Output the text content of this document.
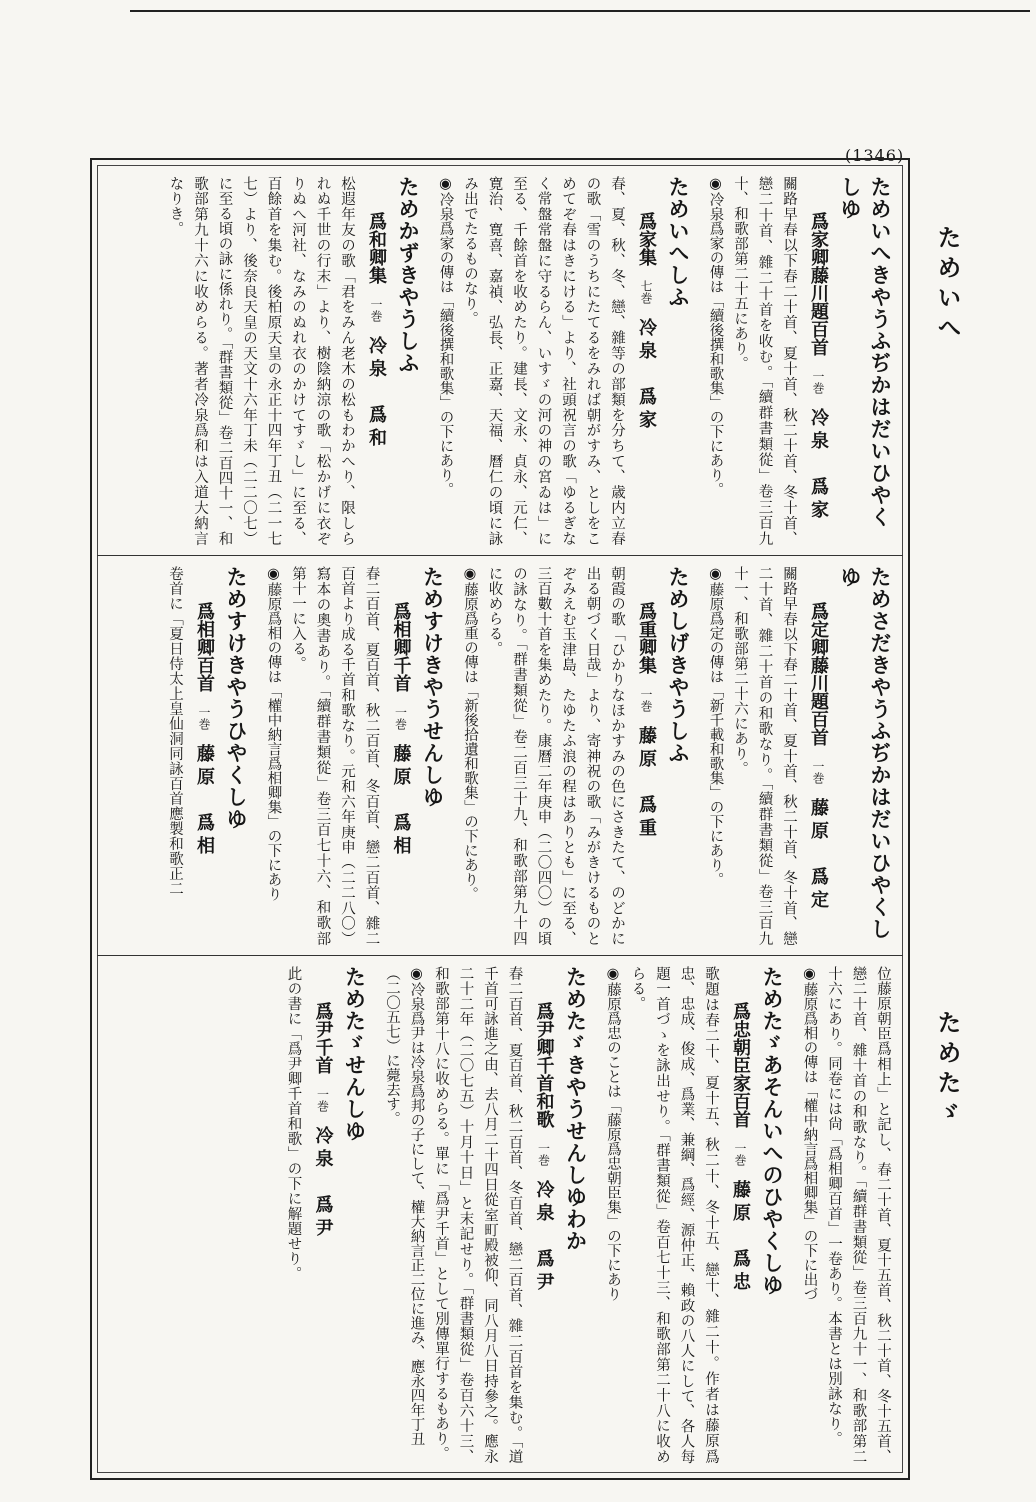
(1346)
ためいへ
ためたゞ
ためいへきやうふぢかはだいひやくしゆ
爲家卿藤川題百首一巻冷泉　爲家
關路早春以下春二十首、夏十首、秋二十首、冬十首、戀二十首、雜二十首を收む。「續群書類從」卷三百九十、和歌部第二十五にあり。
◉冷泉爲家の傳は「續後撰和歌集」の下にあり。
ためいへしふ
爲家集七巻冷泉　爲家
春、夏、秋、冬、戀、雜等の部類を分ちて、歳内立春の歌「雪のうちにたてるをみれば朝がすみ、としをこめてぞ春はきにける」より、社頭祝言の歌「ゆるぎなく常盤常盤に守るらん、いすゞの河の神の宮ゐは」に至る、千餘首を收めたり。建長、文永、貞永、元仁、寛治、寛喜、嘉禎、弘長、正嘉、天福、曆仁の頃に詠み出でたるものなり。
◉冷泉爲家の傳は「續後撰和歌集」の下にあり。
ためかずきやうしふ
爲和卿集一巻冷泉　爲和
松遐年友の歌「君をみん老木の松もわかへり、限しられぬ千世の行末」より、樹陰納涼の歌「松かげに衣ぞりぬへ河社、なみのぬれ衣のかけてすゞし」に至る、百餘首を集む。後柏原天皇の永正十四年丁丑（二一七七）より、後奈良天皇の天文十六年丁未（二二〇七）に至る頃の詠に係れり。「群書類從」卷二百四十一、和歌部第九十六に收めらる。著者冷泉爲和は入道大納言なりき。
ためさだきやうふぢかはだいひやくしゆ
爲定卿藤川題百首一巻藤原　爲定
關路早春以下春二十首、夏十首、秋二十首、冬十首、戀二十首、雜二十首の和歌なり。「續群書類從」卷三百九十一、和歌部第二十六にあり。
◉藤原爲定の傳は「新千載和歌集」の下にあり。
ためしげきやうしふ
爲重卿集一巻藤原　爲重
朝霞の歌「ひかりなほかすみの色にさきたて、のどかに出る朝づく日哉」より、寄神祝の歌「みがきけるものとぞみえむ玉津島、たゆたふ浪の程はありとも」に至る、三百數十首を集めたり。康曆二年庚申（二〇四〇）の頃の詠なり。「群書類從」卷二百三十九、和歌部第九十四に收めらる。
◉藤原爲重の傳は「新後拾遺和歌集」の下にあり。
ためすけきやうせんしゆ
爲相卿千首一巻藤原　爲相
春二百首、夏百首、秋二百首、冬百首、戀二百首、雜二百首より成る千首和歌なり。元和六年庚申（二二八〇）寫本の奧書あり。「續群書類從」卷三百七十六、和歌部第十一に入る。
◉藤原爲相の傳は「權中納言爲相卿集」の下にあり
ためすけきやうひやくしゆ
爲相卿百首一巻藤原　爲相
卷首に「夏日侍太上皇仙洞同詠百首應製和歌正二
位藤原朝臣爲相上」と記し、春二十首、夏十五首、秋二十首、冬十五首、戀二十首、雜十首の和歌なり。「續群書類從」卷三百九十一、和歌部第二十六にあり。同卷には尙「爲相卿百首」一卷あり。本書とは別詠なり。
◉藤原爲相の傳は「權中納言爲相卿集」の下に出づ
ためたゞあそんいへのひやくしゆ
爲忠朝臣家百首一巻藤原　爲忠
歌題は春二十、夏十五、秋二十、冬十五、戀十、雜二十。作者は藤原爲忠、忠成、俊成、爲業、兼綱、爲經、源仲正、賴政の八人にして、各人每題一首づゝを詠出せり。「群書類從」卷百七十三、和歌部第二十八に收めらる。
◉藤原爲忠のことは「藤原爲忠朝臣集」の下にあり
ためたゞきやうせんしゆわか
爲尹卿千首和歌一巻冷泉　爲尹
春二百首、夏百首、秋二百首、冬百首、戀二百首、雜二百首を集む。「道千首可詠進之由、去八月二十四日從室町殿被仰、同八月八日持參之。應永二十二年（二〇七五）十月十日」と末記せり。「群書類從」卷百六十三、和歌部第十八に收めらる。單に「爲尹千首」として別傳單行するもあり。
◉冷泉爲尹は冷泉爲邦の子にして、權大納言正二位に進み、應永四年丁丑（二〇五七）に薨去す。
ためたゞせんしゆ
爲尹千首一巻冷泉　爲尹
此の書に「爲尹卿千首和歌」の下に解題せり。
